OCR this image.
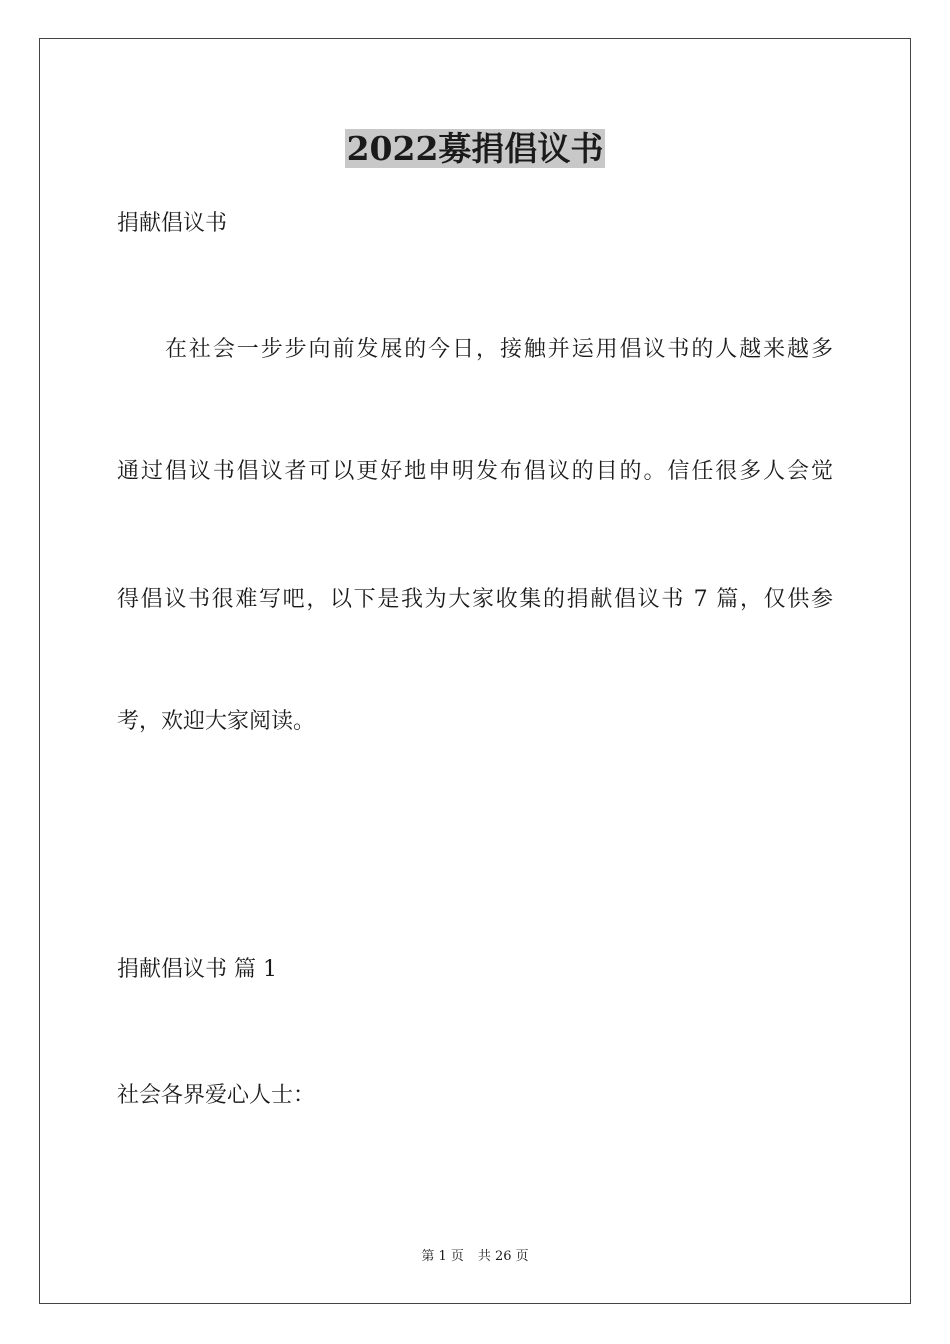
2022募捐倡议书
捐献倡议书
在社会一步步向前发展的今日，接触并运用倡议书的人越来越多
通过倡议书倡议者可以更好地申明发布倡议的目的。信任很多人会觉
得倡议书很难写吧，以下是我为大家收集的捐献倡议书 7 篇，仅供参
考，欢迎大家阅读。
捐献倡议书 篇 1
社会各界爱心人士：
第 1 页 共 26 页
